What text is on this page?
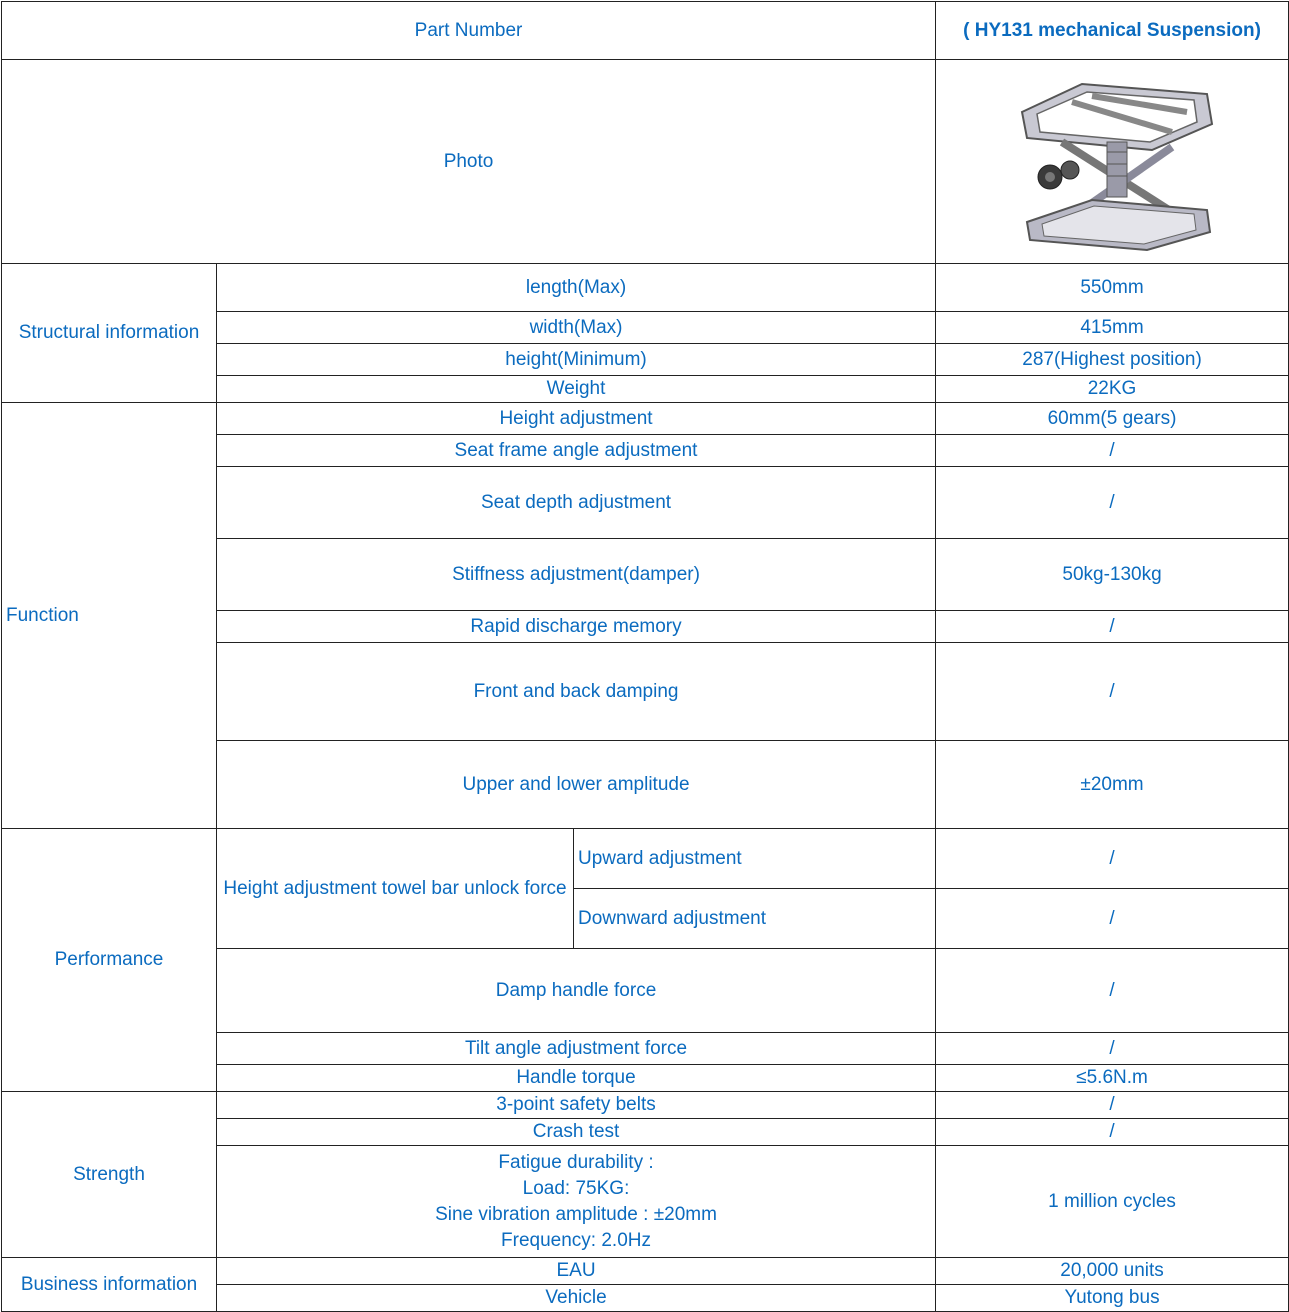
Part Number			( HY131 mechanical Suspension)
Photo	

Structural information	length(Max)		550mm
	width(Max)		415mm
	height(Minimum)		287(Highest position)
	Weight		22KG
Function	Height adjustment		60mm(5 gears)
	Seat frame angle adjustment		/
	Seat depth adjustment		/
	Stiffness adjustment(damper)		50kg-130kg
	Rapid discharge memory		/
	Front and back damping		/
	Upper and lower amplitude		±20mm
Performance	Height adjustment towel bar unlock force	Upward adjustment	/
		Downward adjustment	/
	Damp handle force		/
	Tilt angle adjustment force		/
	Handle torque		≤5.6N.m
Strength	3-point safety belts		/
	Crash test		/

	Fatigue durability :
Load: 75KG:
Sine vibration amplitude : ±20mm
Frequency: 2.0Hz		1 million cycles
Business information	EAU		20,000 units
	Vehicle		Yutong bus
